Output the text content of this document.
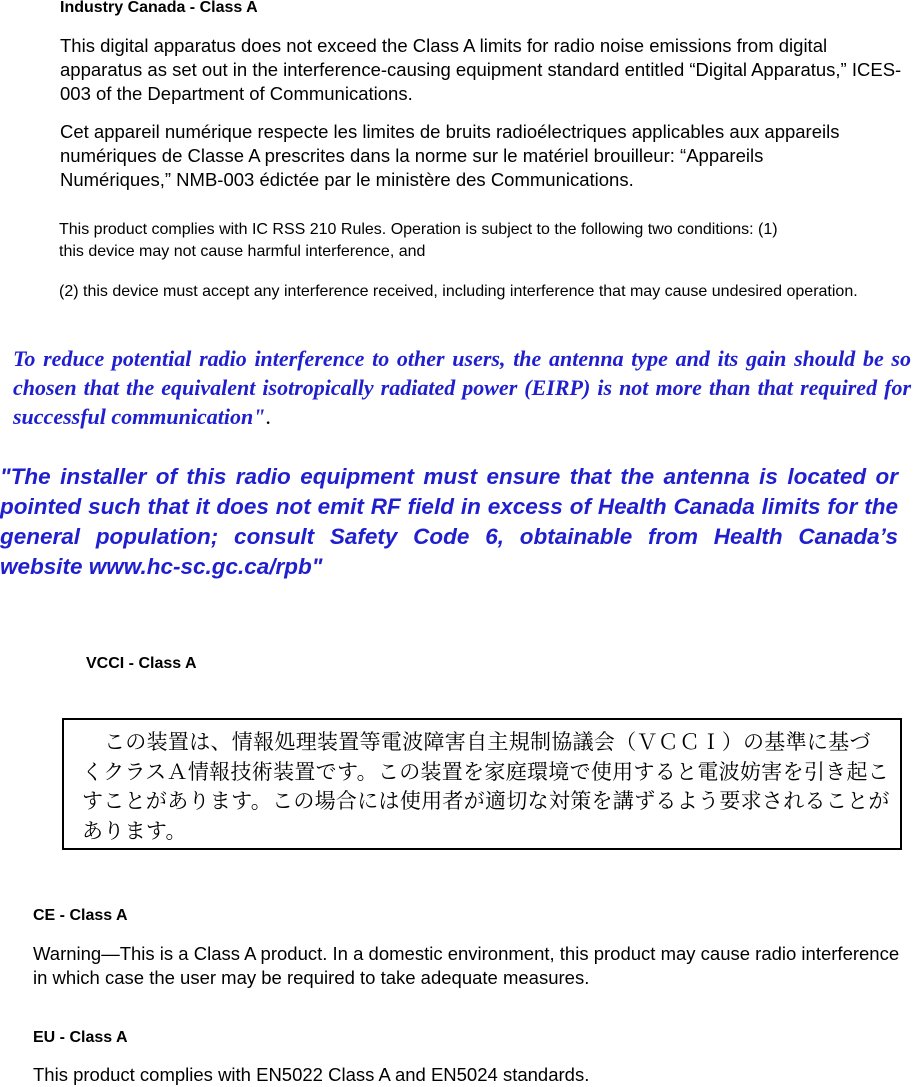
Industry Canada - Class A
This digital apparatus does not exceed the Class A limits for radio noise emissions from digital apparatus as set out in the interference-causing equipment standard entitled “Digital Apparatus,” ICES-003 of the Department of Communications.
Cet appareil numérique respecte les limites de bruits radioélectriques applicables aux appareils numériques de Classe A prescrites dans la norme sur le matériel brouilleur: “Appareils Numériques,” NMB-003 édictée par le ministère des Communications.
This product complies with IC RSS 210 Rules. Operation is subject to the following two conditions: (1) this device may not cause harmful interference, and
(2) this device must accept any interference received, including interference that may cause undesired operation.
To reduce potential radio interference to other users, the antenna type and its gain should be so chosen that the equivalent isotropically radiated power (EIRP) is not more than that required for successful communication".
"The installer of this radio equipment must ensure that the antenna is located or pointed such that it does not emit RF field in excess of Health Canada limits for the general population; consult Safety Code 6, obtainable from Health Canada’s website www.hc-sc.gc.ca/rpb"
VCCI - Class A
この装置は、情報処理装置等電波障害自主規制協議会（ＶＣＣＩ）の基準に基づくクラスＡ情報技術装置です。この装置を家庭環境で使用すると電波妨害を引き起こすことがあります。この場合には使用者が適切な対策を講ずるよう要求されることがあります。
CE - Class A
Warning—This is a Class A product. In a domestic environment, this product may cause radio interference in which case the user may be required to take adequate measures.
EU - Class A
This product complies with EN5022 Class A and EN5024 standards.
